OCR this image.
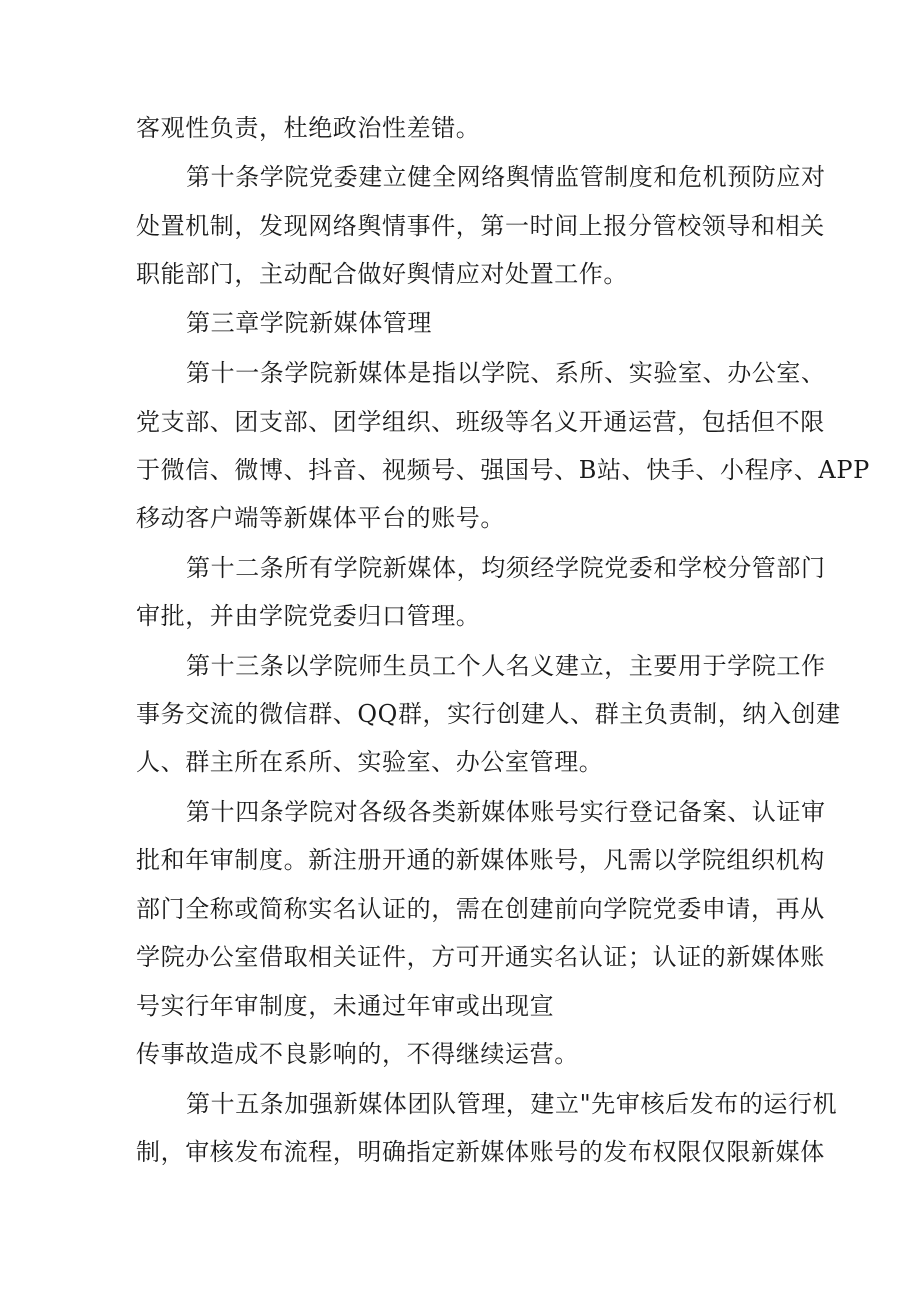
客观性负责，杜绝政治性差错。
第十条学院党委建立健全网络舆情监管制度和危机预防应对
处置机制，发现网络舆情事件，第一时间上报分管校领导和相关
职能部门，主动配合做好舆情应对处置工作。
第三章学院新媒体管理
第十一条学院新媒体是指以学院、系所、实验室、办公室、
党支部、团支部、团学组织、班级等名义开通运营，包括但不限
于微信、微博、抖音、视频号、强国号、B站、快手、小程序、APP
移动客户端等新媒体平台的账号。
第十二条所有学院新媒体，均须经学院党委和学校分管部门
审批，并由学院党委归口管理。
第十三条以学院师生员工个人名义建立，主要用于学院工作
事务交流的微信群、QQ群，实行创建人、群主负责制，纳入创建
人、群主所在系所、实验室、办公室管理。
第十四条学院对各级各类新媒体账号实行登记备案、认证审
批和年审制度。新注册开通的新媒体账号，凡需以学院组织机构
部门全称或简称实名认证的，需在创建前向学院党委申请，再从
学院办公室借取相关证件，方可开通实名认证；认证的新媒体账
号实行年审制度，未通过年审或出现宣
传事故造成不良影响的，不得继续运营。
第十五条加强新媒体团队管理，建立"先审核后发布的运行机
制，审核发布流程，明确指定新媒体账号的发布权限仅限新媒体
